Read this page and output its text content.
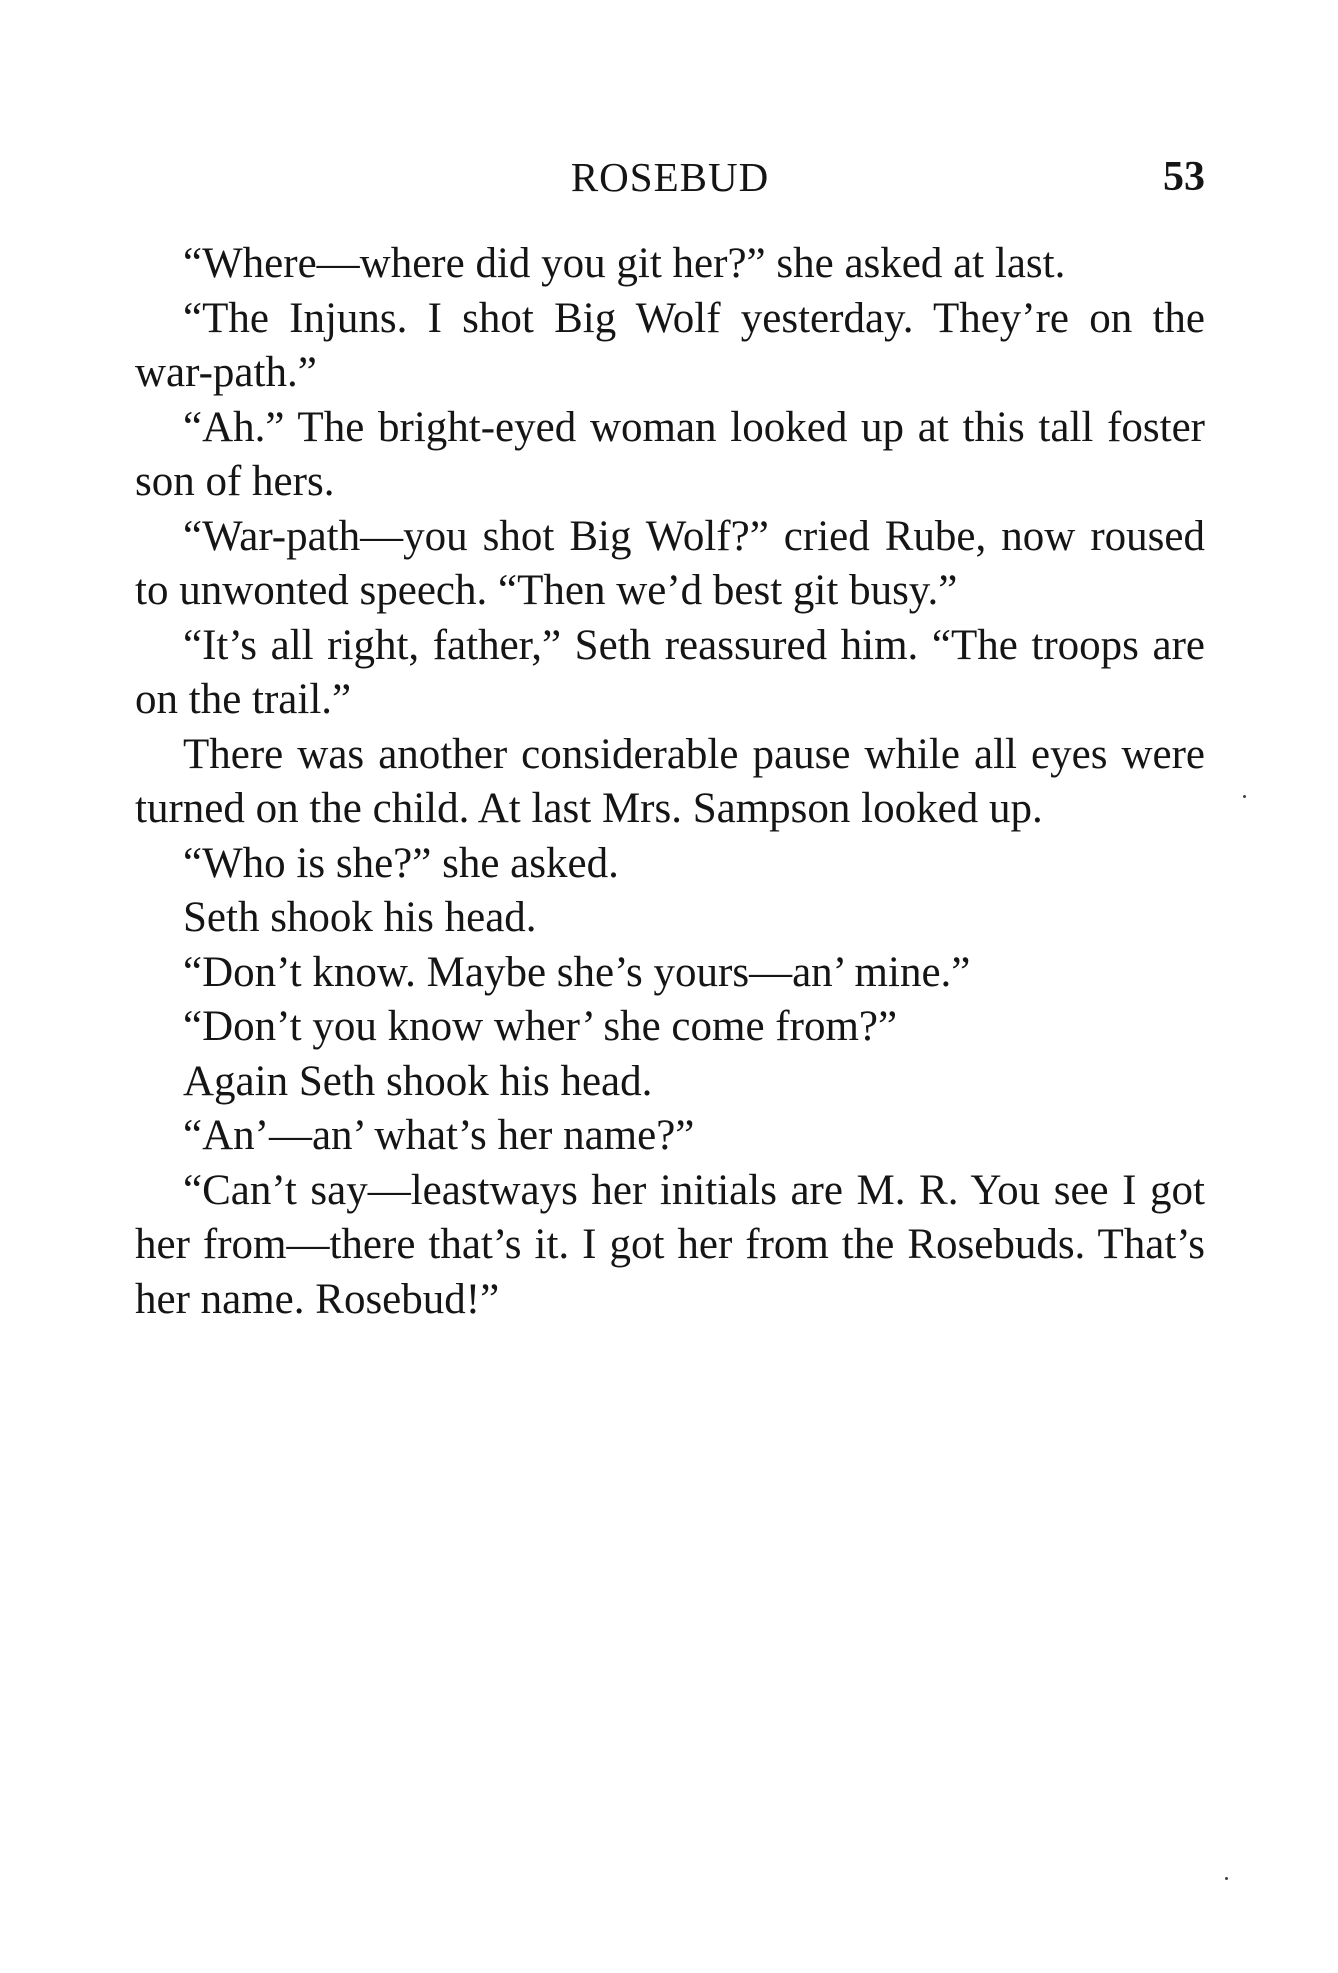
ROSEBUD	53

“Where—where did you git her?” she asked at last.

“The Injuns. I shot Big Wolf yesterday. They’re on the war-path.”

“Ah.” The bright-eyed woman looked up at this tall foster son of hers.

“War-path—you shot Big Wolf?” cried Rube, now roused to unwonted speech. “Then we’d best git busy.”

“It’s all right, father,” Seth reassured him. “The troops are on the trail.”

There was another considerable pause while all eyes were turned on the child. At last Mrs. Sampson looked up.

“Who is she?” she asked.

Seth shook his head.

“Don’t know. Maybe she’s yours—an’ mine.”

“Don’t you know wher’ she come from?”

Again Seth shook his head.

“An’—an’ what’s her name?”

“Can’t say—leastways her initials are M. R. You see I got her from—there that’s it. I got her from the Rosebuds. That’s her name. Rosebud!”
